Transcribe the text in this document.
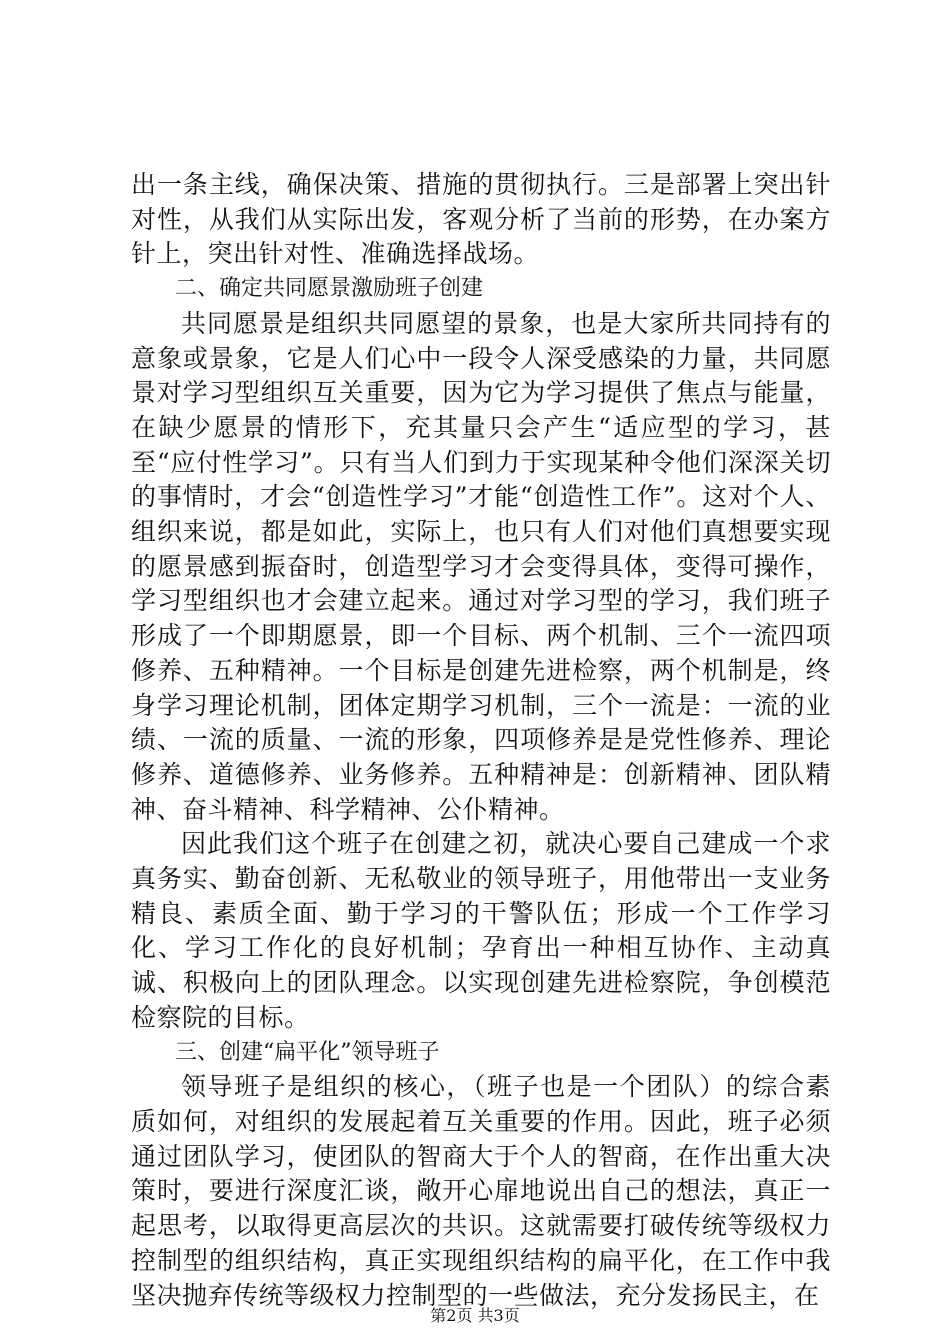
出一条主线，确保决策、措施的贯彻执行。三是部署上突出针对性，从我们从实际出发，客观分析了当前的形势，在办案方针上，突出针对性、准确选择战场。

二、确定共同愿景激励班子创建

共同愿景是组织共同愿望的景象，也是大家所共同持有的意象或景象，它是人们心中一段令人深受感染的力量，共同愿景对学习型组织互关重要，因为它为学习提供了焦点与能量，在缺少愿景的情形下，充其量只会产生“适应型的学习，甚至“应付性学习”。只有当人们到力于实现某种令他们深深关切的事情时，才会“创造性学习”才能“创造性工作”。这对个人、组织来说，都是如此，实际上，也只有人们对他们真想要实现的愿景感到振奋时，创造型学习才会变得具体，变得可操作，学习型组织也才会建立起来。通过对学习型的学习，我们班子形成了一个即期愿景，即一个目标、两个机制、三个一流四项修养、五种精神。一个目标是创建先进检察，两个机制是，终身学习理论机制，团体定期学习机制，三个一流是：一流的业绩、一流的质量、一流的形象，四项修养是是党性修养、理论修养、道德修养、业务修养。五种精神是：创新精神、团队精神、奋斗精神、科学精神、公仆精神。

因此我们这个班子在创建之初，就决心要自己建成一个求真务实、勤奋创新、无私敬业的领导班子，用他带出一支业务精良、素质全面、勤于学习的干警队伍；形成一个工作学习化、学习工作化的良好机制；孕育出一种相互协作、主动真诚、积极向上的团队理念。以实现创建先进检察院，争创模范检察院的目标。

三、创建“扁平化”领导班子

领导班子是组织的核心，（班子也是一个团队）的综合素质如何，对组织的发展起着互关重要的作用。因此，班子必须通过团队学习，使团队的智商大于个人的智商，在作出重大决策时，要进行深度汇谈，敞开心扉地说出自己的想法，真正一起思考，以取得更高层次的共识。这就需要打破传统等级权力控制型的组织结构，真正实现组织结构的扁平化，在工作中我坚决抛弃传统等级权力控制型的一些做法，充分发扬民主，在

第2页 共3页
